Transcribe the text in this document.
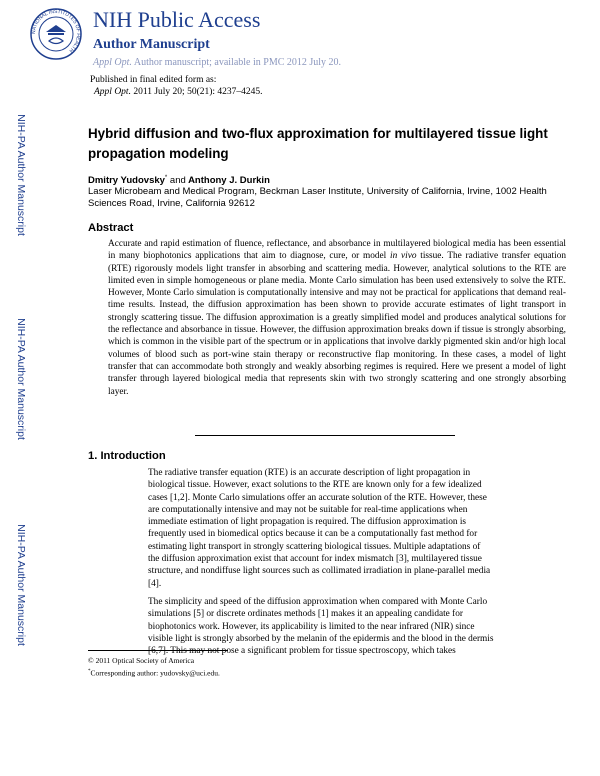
NATIONAL INSTITUTES OF HEALTH
NIH Public Access
Author Manuscript
Appl Opt. Author manuscript; available in PMC 2012 July 20.
Published in final edited form as:
Appl Opt. 2011 July 20; 50(21): 4237–4245.
NIH-PA Author Manuscript
NIH-PA Author Manuscript
NIH-PA Author Manuscript
Hybrid diffusion and two-flux approximation for multilayered tissue light propagation modeling
Dmitry Yudovsky* and Anthony J. Durkin
Laser Microbeam and Medical Program, Beckman Laser Institute, University of California, Irvine, 1002 Health Sciences Road, Irvine, California 92612
Abstract
Accurate and rapid estimation of fluence, reflectance, and absorbance in multilayered biological media has been essential in many biophotonics applications that aim to diagnose, cure, or model in vivo tissue. The radiative transfer equation (RTE) rigorously models light transfer in absorbing and scattering media. However, analytical solutions to the RTE are limited even in simple homogeneous or plane media. Monte Carlo simulation has been used extensively to solve the RTE. However, Monte Carlo simulation is computationally intensive and may not be practical for applications that demand real-time results. Instead, the diffusion approximation has been shown to provide accurate estimates of light transport in strongly scattering tissue. The diffusion approximation is a greatly simplified model and produces analytical solutions for the reflectance and absorbance in tissue. However, the diffusion approximation breaks down if tissue is strongly absorbing, which is common in the visible part of the spectrum or in applications that involve darkly pigmented skin and/or high local volumes of blood such as port-wine stain therapy or reconstructive flap monitoring. In these cases, a model of light transfer that can accommodate both strongly and weakly absorbing regimes is required. Here we present a model of light transfer through layered biological media that represents skin with two strongly scattering and one strongly absorbing layer.
1. Introduction
The radiative transfer equation (RTE) is an accurate description of light propagation in
biological tissue. However, exact solutions to the RTE are known only for a few idealized
cases [1,2]. Monte Carlo simulations offer an accurate solution of the RTE. However, these
are computationally intensive and may not be suitable for real-time applications when
immediate estimation of light propagation is required. The diffusion approximation is
frequently used in biomedical optics because it can be a computationally fast method for
estimating light transport in strongly scattering biological tissues. Multiple adaptations of
the diffusion approximation exist that account for index mismatch [3], multilayered tissue
structure, and nondiffuse light sources such as collimated irradiation in plane-parallel media
[4].
The simplicity and speed of the diffusion approximation when compared with Monte Carlo
simulations [5] or discrete ordinates methods [1] makes it an appealing candidate for
biophotonics work. However, its applicability is limited to the near infrared (NIR) since
visible light is strongly absorbed by the melanin of the epidermis and the blood in the dermis
[6,7]. This may not pose a significant problem for tissue spectroscopy, which takes
© 2011 Optical Society of America
*Corresponding author: yudovsky@uci.edu.
